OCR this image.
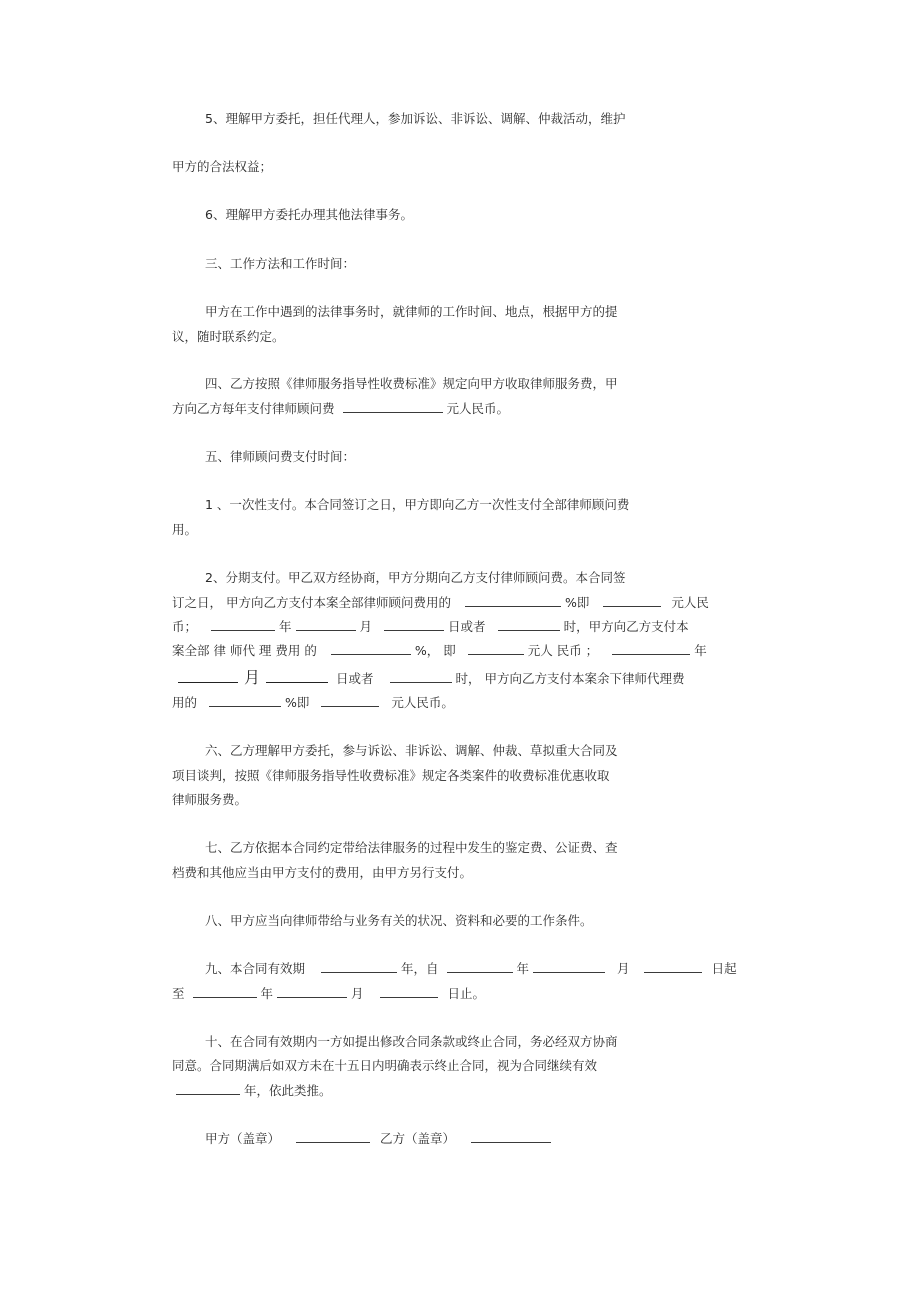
5、理解甲方委托，担任代理人，参加诉讼、非诉讼、调解、仲裁活动，维护
甲方的合法权益；
6、理解甲方委托办理其他法律事务。
三、工作方法和工作时间：
甲方在工作中遇到的法律事务时，就律师的工作时间、地点，根据甲方的提
议，随时联系约定。
四、乙方按照《律师服务指导性收费标准》规定向甲方收取律师服务费，甲
方向乙方每年支付律师顾问费	元人民币。
五、律师顾问费支付时间：
1 、一次性支付。本合同签订之日，甲方即向乙方一次性支付全部律师顾问费
用。
2、分期支付。甲乙双方经协商，甲方分期向乙方支付律师顾问费。本合同签
订之日， 甲方向乙方支付本案全部律师顾问费用的	%即	元人民
币；	年	月	日或者	时，甲方向乙方支付本
案全部 律 师代 理 费用 的	%， 即	元人 民币 ；	年
月	日或者	时， 甲方向乙方支付本案余下律师代理费
用的	%即	元人民币。
六、乙方理解甲方委托，参与诉讼、非诉讼、调解、仲裁、草拟重大合同及
项目谈判，按照《律师服务指导性收费标准》规定各类案件的收费标准优惠收取
律师服务费。
七、乙方依据本合同约定带给法律服务的过程中发生的鉴定费、公证费、查
档费和其他应当由甲方支付的费用，由甲方另行支付。
八、甲方应当向律师带给与业务有关的状况、资料和必要的工作条件。
九、本合同有效期	年，自	年	月	日起
至	年	月	日止。
十、在合同有效期内一方如提出修改合同条款或终止合同，务必经双方协商
同意。合同期满后如双方未在十五日内明确表示终止合同，视为合同继续有效
年，依此类推。
甲方（盖章）	乙方（盖章）
